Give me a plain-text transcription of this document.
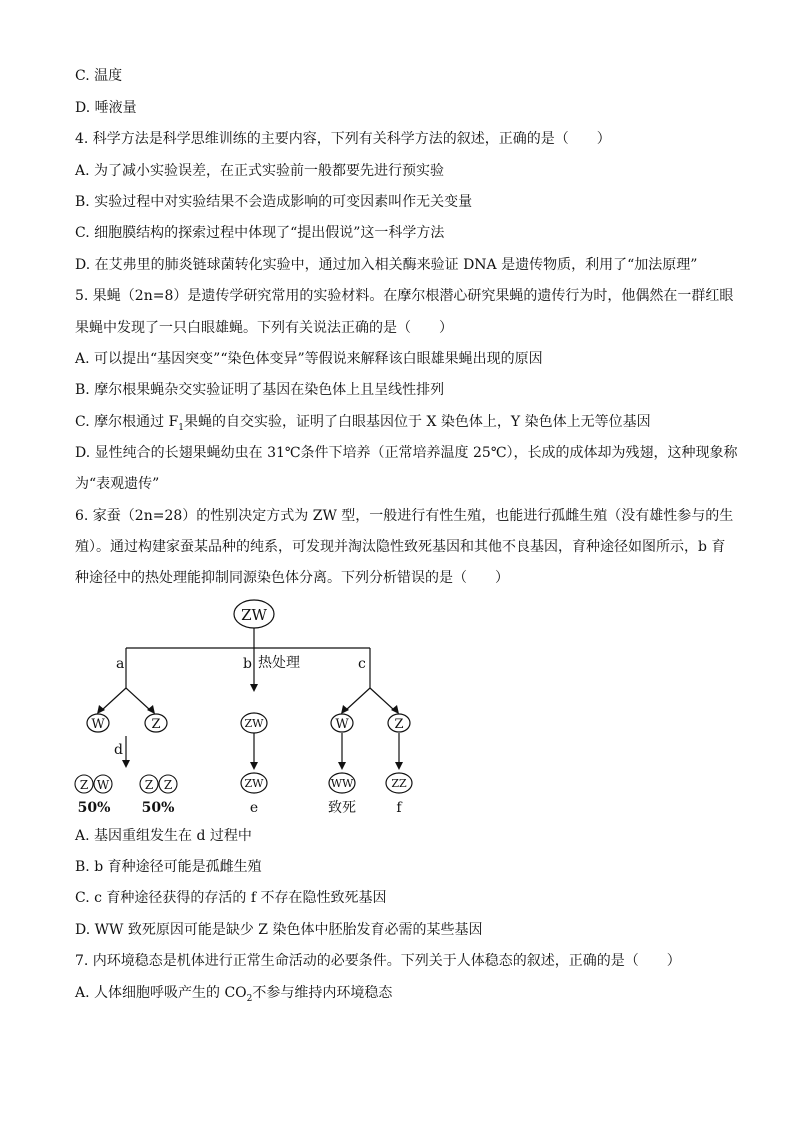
C. 温度
D. 唾液量
4. 科学方法是科学思维训练的主要内容，下列有关科学方法的叙述，正确的是（　　）
A. 为了减小实验误差，在正式实验前一般都要先进行预实验
B. 实验过程中对实验结果不会造成影响的可变因素叫作无关变量
C. 细胞膜结构的探索过程中体现了“提出假说”这一科学方法
D. 在艾弗里的肺炎链球菌转化实验中，通过加入相关酶来验证 DNA 是遗传物质，利用了“加法原理”
5. 果蝇（2n=8）是遗传学研究常用的实验材料。在摩尔根潜心研究果蝇的遗传行为时，他偶然在一群红眼
果蝇中发现了一只白眼雄蝇。下列有关说法正确的是（　　）
A. 可以提出“基因突变”“染色体变异”等假说来解释该白眼雄果蝇出现的原因
B. 摩尔根果蝇杂交实验证明了基因在染色体上且呈线性排列
C. 摩尔根通过 $F_1$果蝇的自交实验，证明了白眼基因位于 X 染色体上，Y 染色体上无等位基因
D. 显性纯合的长翅果蝇幼虫在 31℃条件下培养（正常培养温度 25℃），长成的成体却为残翅，这种现象称
为“表观遗传”
6. 家蚕（2n=28）的性别决定方式为 ZW 型，一般进行有性生殖，也能进行孤雌生殖（没有雄性参与的生
殖）。通过构建家蚕某品种的纯系，可发现并淘汰隐性致死基因和其他不良基因，育种途径如图所示，b 育
种途径中的热处理能抑制同源染色体分离。下列分析错误的是（　　）
ZW
a	b 热处理	c
W	Z
d
Z W	Z Z
50% 50%
ZW
ZW
e
W	Z
WW	ZZ
致死	f
A. 基因重组发生在 d 过程中
B. b 育种途径可能是孤雌生殖
C. c 育种途径获得的存活的 f 不存在隐性致死基因
D. WW 致死原因可能是缺少 Z 染色体中胚胎发育必需的某些基因
7. 内环境稳态是机体进行正常生命活动的必要条件。下列关于人体稳态的叙述，正确的是（　　）
A. 人体细胞呼吸产生的 $CO_2$不参与维持内环境稳态
